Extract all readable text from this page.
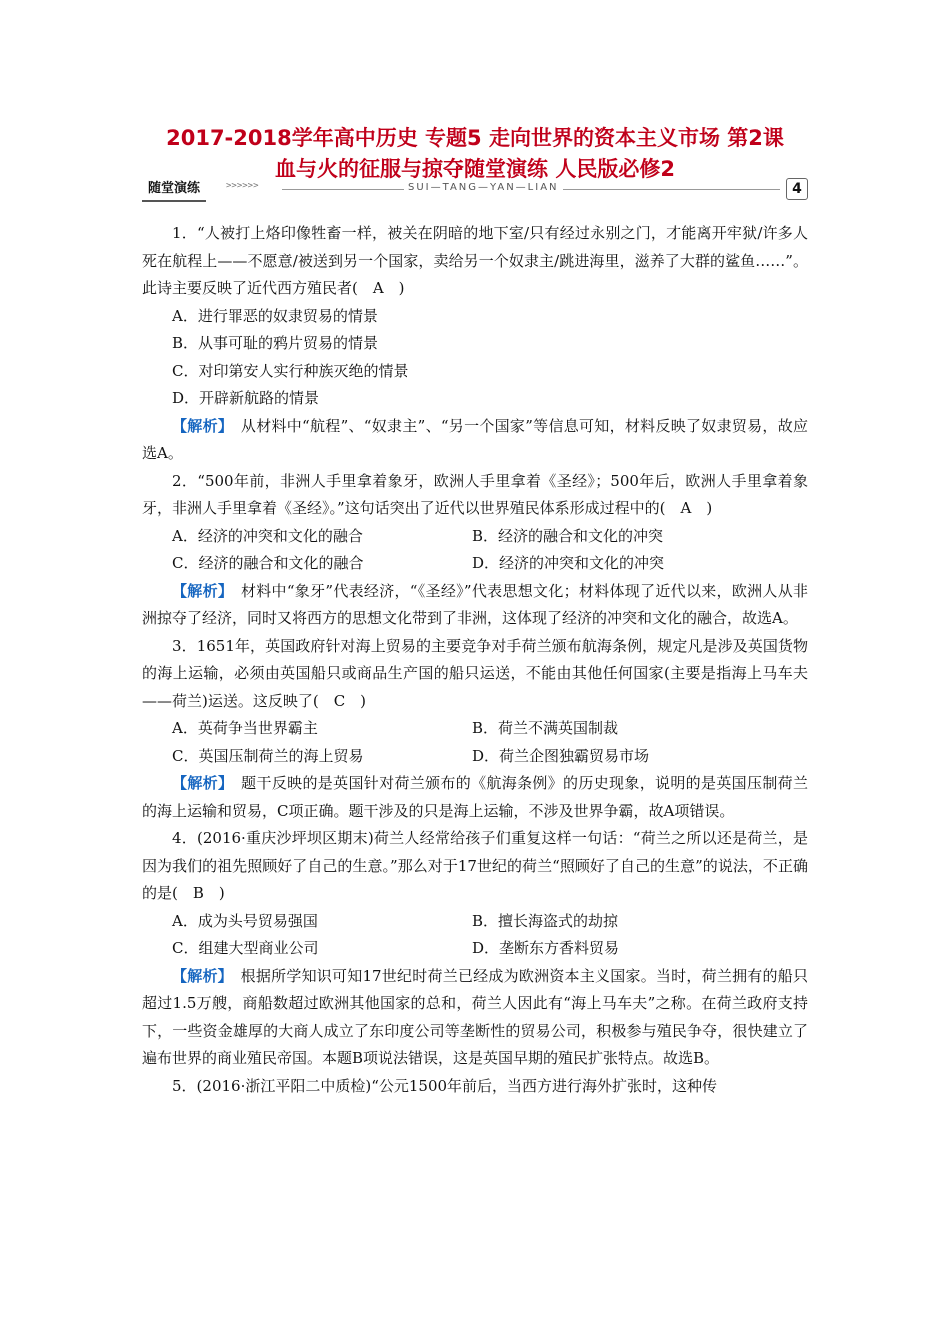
2017-2018学年高中历史 专题5 走向世界的资本主义市场 第2课
血与火的征服与掠夺随堂演练 人民版必修2
随堂演练	>>>>>>	SUI—TANG—YAN—LIAN	4

1．“人被打上烙印像牲畜一样，被关在阴暗的地下室/只有经过永别之门，才能离开牢狱/许多人死在航程上——不愿意/被送到另一个国家，卖给另一个奴隶主/跳进海里，滋养了大群的鲨鱼……”。此诗主要反映了近代西方殖民者(　A　)

A．进行罪恶的奴隶贸易的情景

B．从事可耻的鸦片贸易的情景

C．对印第安人实行种族灭绝的情景

D．开辟新航路的情景

【解析】　从材料中“航程”、“奴隶主”、“另一个国家”等信息可知，材料反映了奴隶贸易，故应选A。

2．“500年前，非洲人手里拿着象牙，欧洲人手里拿着《圣经》；500年后，欧洲人手里拿着象牙，非洲人手里拿着《圣经》。”这句话突出了近代以世界殖民体系形成过程中的(　A　)

A．经济的冲突和文化的融合	B．经济的融合和文化的冲突
C．经济的融合和文化的融合	D．经济的冲突和文化的冲突

【解析】　材料中“象牙”代表经济，“《圣经》”代表思想文化；材料体现了近代以来，欧洲人从非洲掠夺了经济，同时又将西方的思想文化带到了非洲，这体现了经济的冲突和文化的融合，故选A。

3．1651年，英国政府针对海上贸易的主要竞争对手荷兰颁布航海条例，规定凡是涉及英国货物的海上运输，必须由英国船只或商品生产国的船只运送，不能由其他任何国家(主要是指海上马车夫——荷兰)运送。这反映了(　C　)

A．英荷争当世界霸主	B．荷兰不满英国制裁
C．英国压制荷兰的海上贸易	D．荷兰企图独霸贸易市场

【解析】　题干反映的是英国针对荷兰颁布的《航海条例》的历史现象，说明的是英国压制荷兰的海上运输和贸易，C项正确。题干涉及的只是海上运输，不涉及世界争霸，故A项错误。

4．(2016·重庆沙坪坝区期末)荷兰人经常给孩子们重复这样一句话：“荷兰之所以还是荷兰，是因为我们的祖先照顾好了自己的生意。”那么对于17世纪的荷兰“照顾好了自己的生意”的说法，不正确的是(　B　)

A．成为头号贸易强国	B．擅长海盗式的劫掠
C．组建大型商业公司	D．垄断东方香料贸易

【解析】　根据所学知识可知17世纪时荷兰已经成为欧洲资本主义国家。当时，荷兰拥有的船只超过1.5万艘，商船数超过欧洲其他国家的总和，荷兰人因此有“海上马车夫”之称。在荷兰政府支持下，一些资金雄厚的大商人成立了东印度公司等垄断性的贸易公司，积极参与殖民争夺，很快建立了遍布世界的商业殖民帝国。本题B项说法错误，这是英国早期的殖民扩张特点。故选B。

5．(2016·浙江平阳二中质检)“公元1500年前后，当西方进行海外扩张时，这种传
